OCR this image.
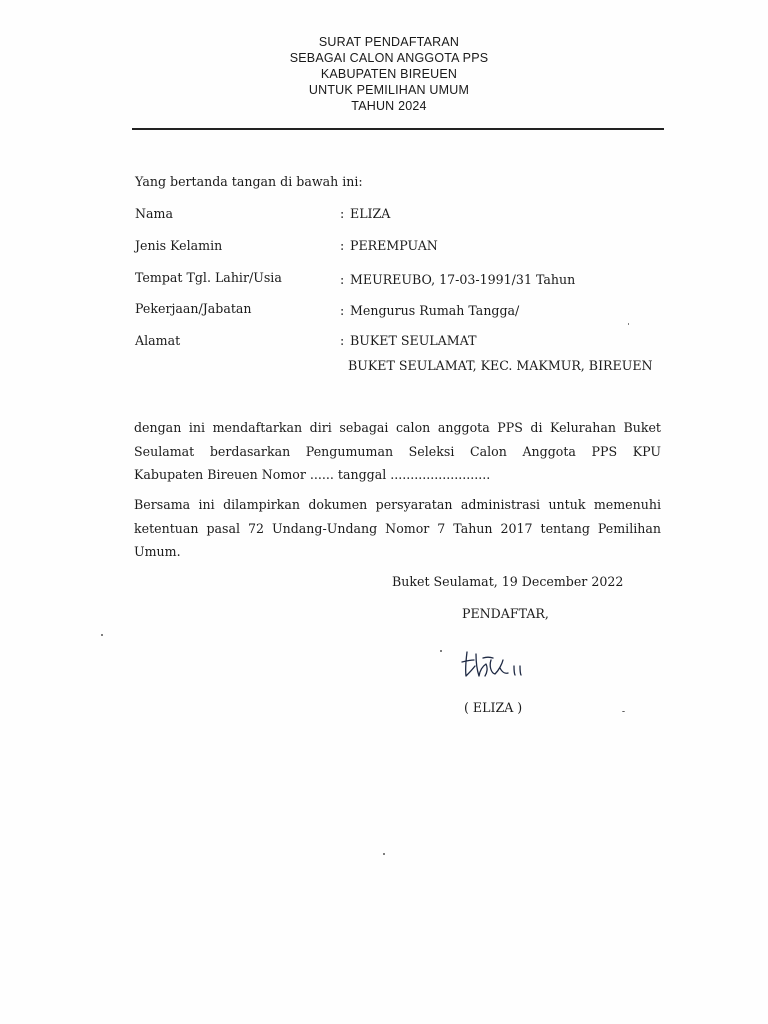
SURAT PENDAFTARAN
SEBAGAI CALON ANGGOTA PPS
KABUPATEN BIREUEN
UNTUK PEMILIHAN UMUM
TAHUN 2024
Yang bertanda tangan di bawah ini:
Nama	: ELIZA
Jenis Kelamin	: PEREMPUAN
Tempat Tgl. Lahir/Usia	: MEUREUBO, 17-03-1991/31 Tahun
Pekerjaan/Jabatan	: Mengurus Rumah Tangga/
Alamat	: BUKET SEULAMAT
BUKET SEULAMAT, KEC. MAKMUR, BIREUEN
dengan ini mendaftarkan diri sebagai calon anggota PPS di Kelurahan Buket
Seulamat berdasarkan Pengumuman Seleksi Calon Anggota PPS KPU
Kabupaten Bireuen Nomor ...... tanggal .........................
Bersama ini dilampirkan dokumen persyaratan administrasi untuk memenuhi
ketentuan pasal 72 Undang-Undang Nomor 7 Tahun 2017 tentang Pemilihan
Umum.
Buket Seulamat, 19 December 2022
PENDAFTAR,
( ELIZA )
